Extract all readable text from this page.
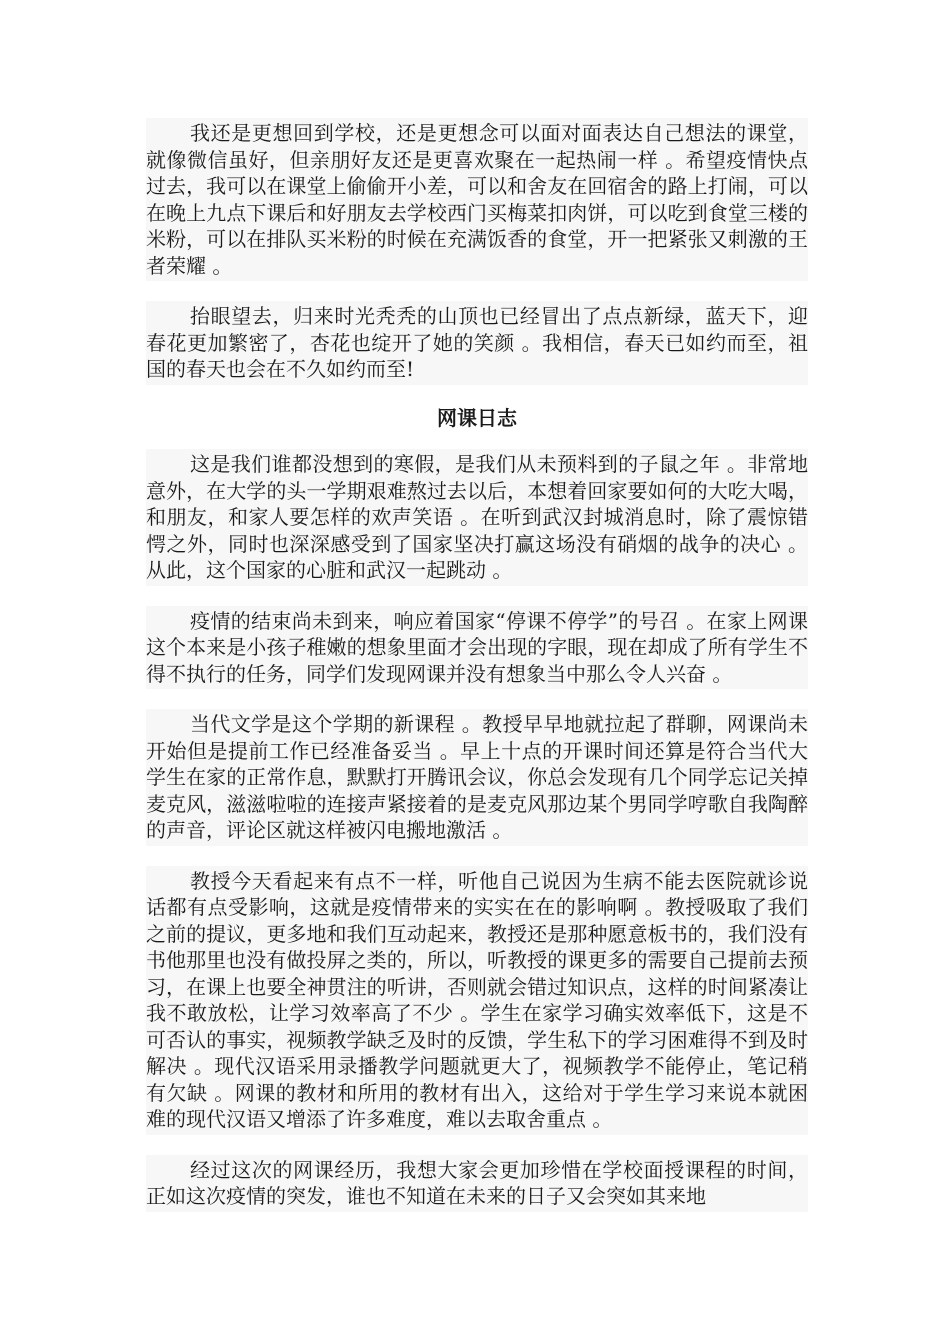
我还是更想回到学校，还是更想念可以面对面表达自己想法的课堂，就像微信虽好，但亲朋好友还是更喜欢聚在一起热闹一样 。希望疫情快点过去，我可以在课堂上偷偷开小差，可以和舍友在回宿舍的路上打闹，可以在晚上九点下课后和好朋友去学校西门买梅菜扣肉饼，可以吃到食堂三楼的米粉，可以在排队买米粉的时候在充满饭香的食堂，开一把紧张又刺激的王者荣耀 。

抬眼望去，归来时光秃秃的山顶也已经冒出了点点新绿，蓝天下，迎春花更加繁密了，杏花也绽开了她的笑颜 。我相信，春天已如约而至，祖国的春天也会在不久如约而至!

网课日志

这是我们谁都没想到的寒假，是我们从未预料到的子鼠之年 。非常地意外，在大学的头一学期艰难熬过去以后，本想着回家要如何的大吃大喝，和朋友，和家人要怎样的欢声笑语 。在听到武汉封城消息时，除了震惊错愕之外，同时也深深感受到了国家坚决打赢这场没有硝烟的战争的决心 。从此，这个国家的心脏和武汉一起跳动 。

疫情的结束尚未到来，响应着国家“停课不停学”的号召 。在家上网课这个本来是小孩子稚嫩的想象里面才会出现的字眼，现在却成了所有学生不得不执行的任务，同学们发现网课并没有想象当中那么令人兴奋 。

当代文学是这个学期的新课程 。教授早早地就拉起了群聊，网课尚未开始但是提前工作已经准备妥当 。早上十点的开课时间还算是符合当代大学生在家的正常作息，默默打开腾讯会议，你总会发现有几个同学忘记关掉麦克风，滋滋啦啦的连接声紧接着的是麦克风那边某个男同学哼歌自我陶醉的声音，评论区就这样被闪电搬地激活 。

教授今天看起来有点不一样，听他自己说因为生病不能去医院就诊说话都有点受影响，这就是疫情带来的实实在在的影响啊 。教授吸取了我们之前的提议，更多地和我们互动起来，教授还是那种愿意板书的，我们没有书他那里也没有做投屏之类的，所以，听教授的课更多的需要自己提前去预习，在课上也要全神贯注的听讲，否则就会错过知识点，这样的时间紧凑让我不敢放松，让学习效率高了不少 。学生在家学习确实效率低下，这是不可否认的事实，视频教学缺乏及时的反馈，学生私下的学习困难得不到及时解决 。现代汉语采用录播教学问题就更大了，视频教学不能停止，笔记稍有欠缺 。网课的教材和所用的教材有出入，这给对于学生学习来说本就困难的现代汉语又增添了许多难度，难以去取舍重点 。

经过这次的网课经历，我想大家会更加珍惜在学校面授课程的时间，正如这次疫情的突发，谁也不知道在未来的日子又会突如其来地
